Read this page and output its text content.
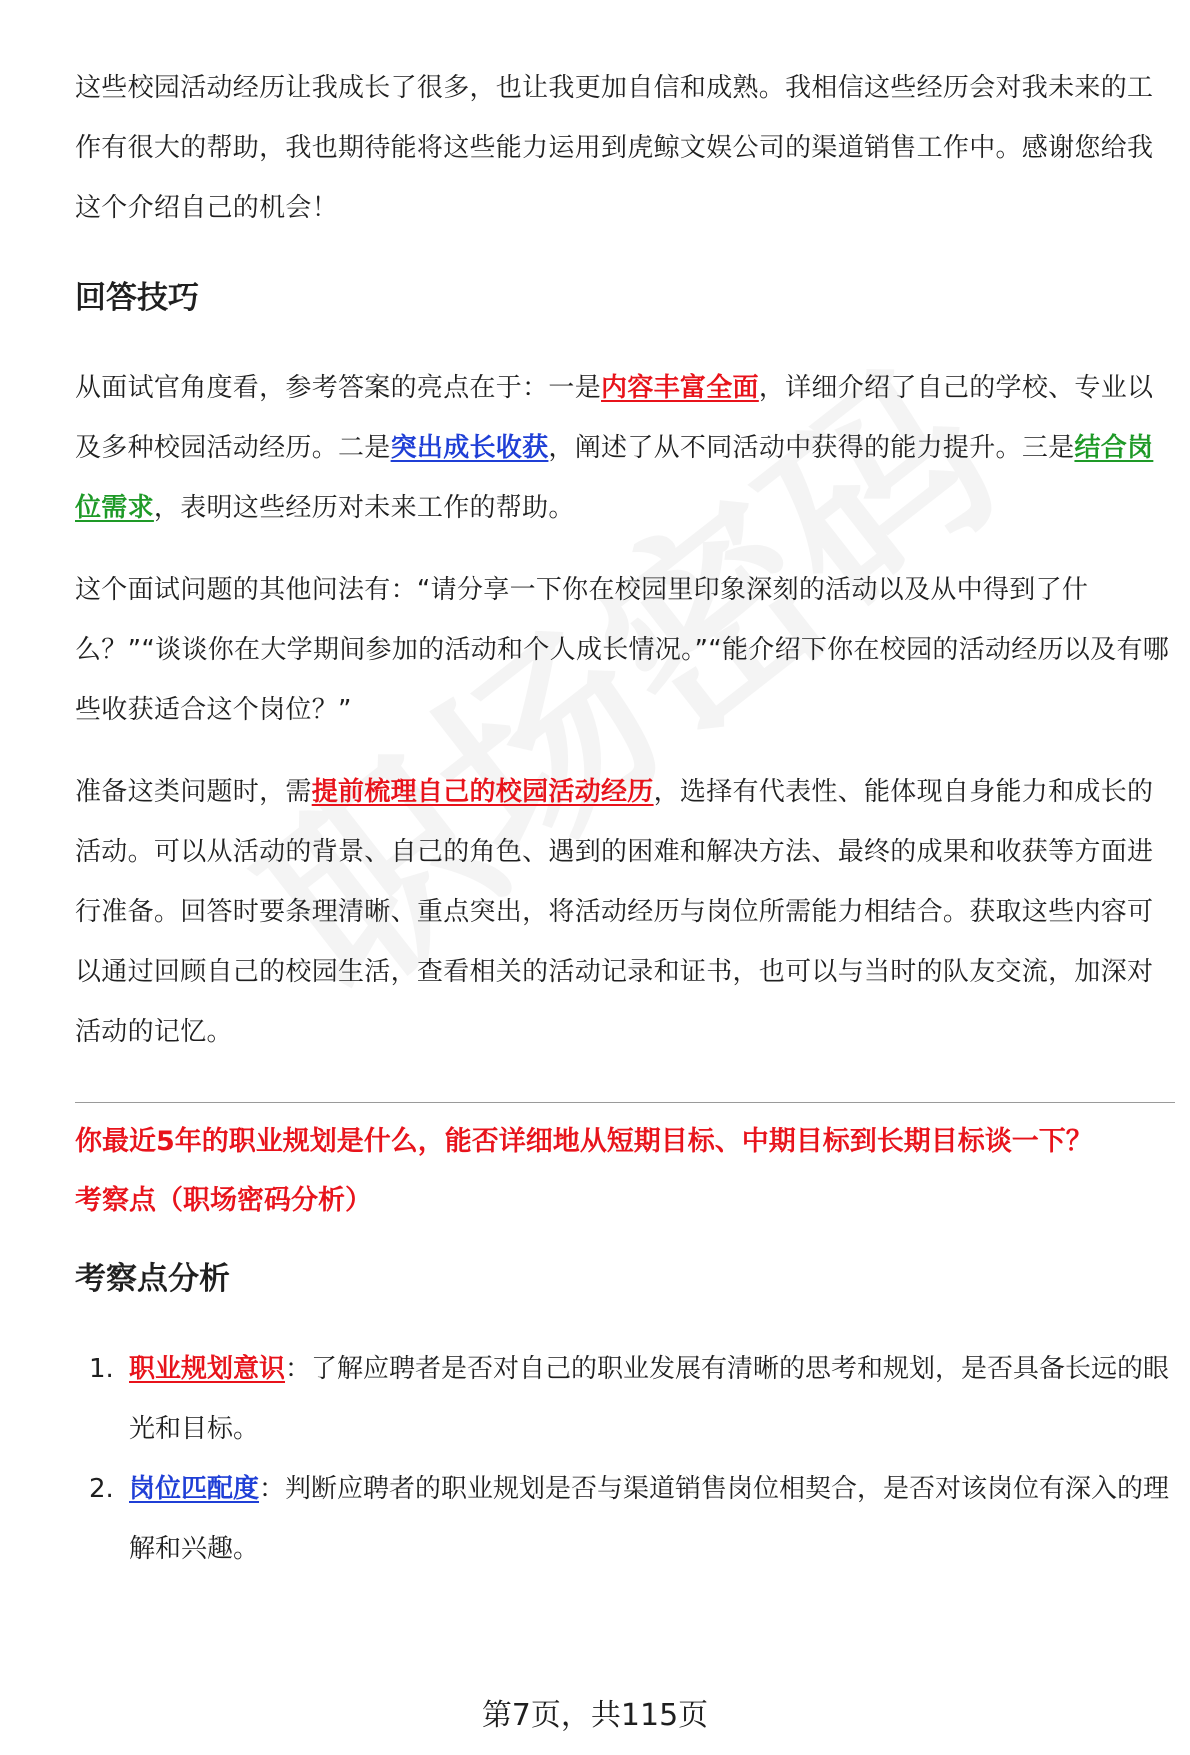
这些校园活动经历让我成长了很多，也让我更加自信和成熟。我相信这些经历会对我未来的工作有很大的帮助，我也期待能将这些能力运用到虎鲸文娱公司的渠道销售工作中。感谢您给我这个介绍自己的机会！

回答技巧

从面试官角度看，参考答案的亮点在于：一是内容丰富全面，详细介绍了自己的学校、专业以及多种校园活动经历。二是突出成长收获，阐述了从不同活动中获得的能力提升。三是结合岗位需求，表明这些经历对未来工作的帮助。

这个面试问题的其他问法有：“请分享一下你在校园里印象深刻的活动以及从中得到了什么？”“谈谈你在大学期间参加的活动和个人成长情况。”“能介绍下你在校园的活动经历以及有哪些收获适合这个岗位？”

准备这类问题时，需提前梳理自己的校园活动经历，选择有代表性、能体现自身能力和成长的活动。可以从活动的背景、自己的角色、遇到的困难和解决方法、最终的成果和收获等方面进行准备。回答时要条理清晰、重点突出，将活动经历与岗位所需能力相结合。获取这些内容可以通过回顾自己的校园生活，查看相关的活动记录和证书，也可以与当时的队友交流，加深对活动的记忆。

你最近5年的职业规划是什么，能否详细地从短期目标、中期目标到长期目标谈一下？

考察点（职场密码分析）

考察点分析
1. 职业规划意识：了解应聘者是否对自己的职业发展有清晰的思考和规划，是否具备长远的眼光和目标。
2. 岗位匹配度：判断应聘者的职业规划是否与渠道销售岗位相契合，是否对该岗位有深入的理解和兴趣。
第7页，共115页
